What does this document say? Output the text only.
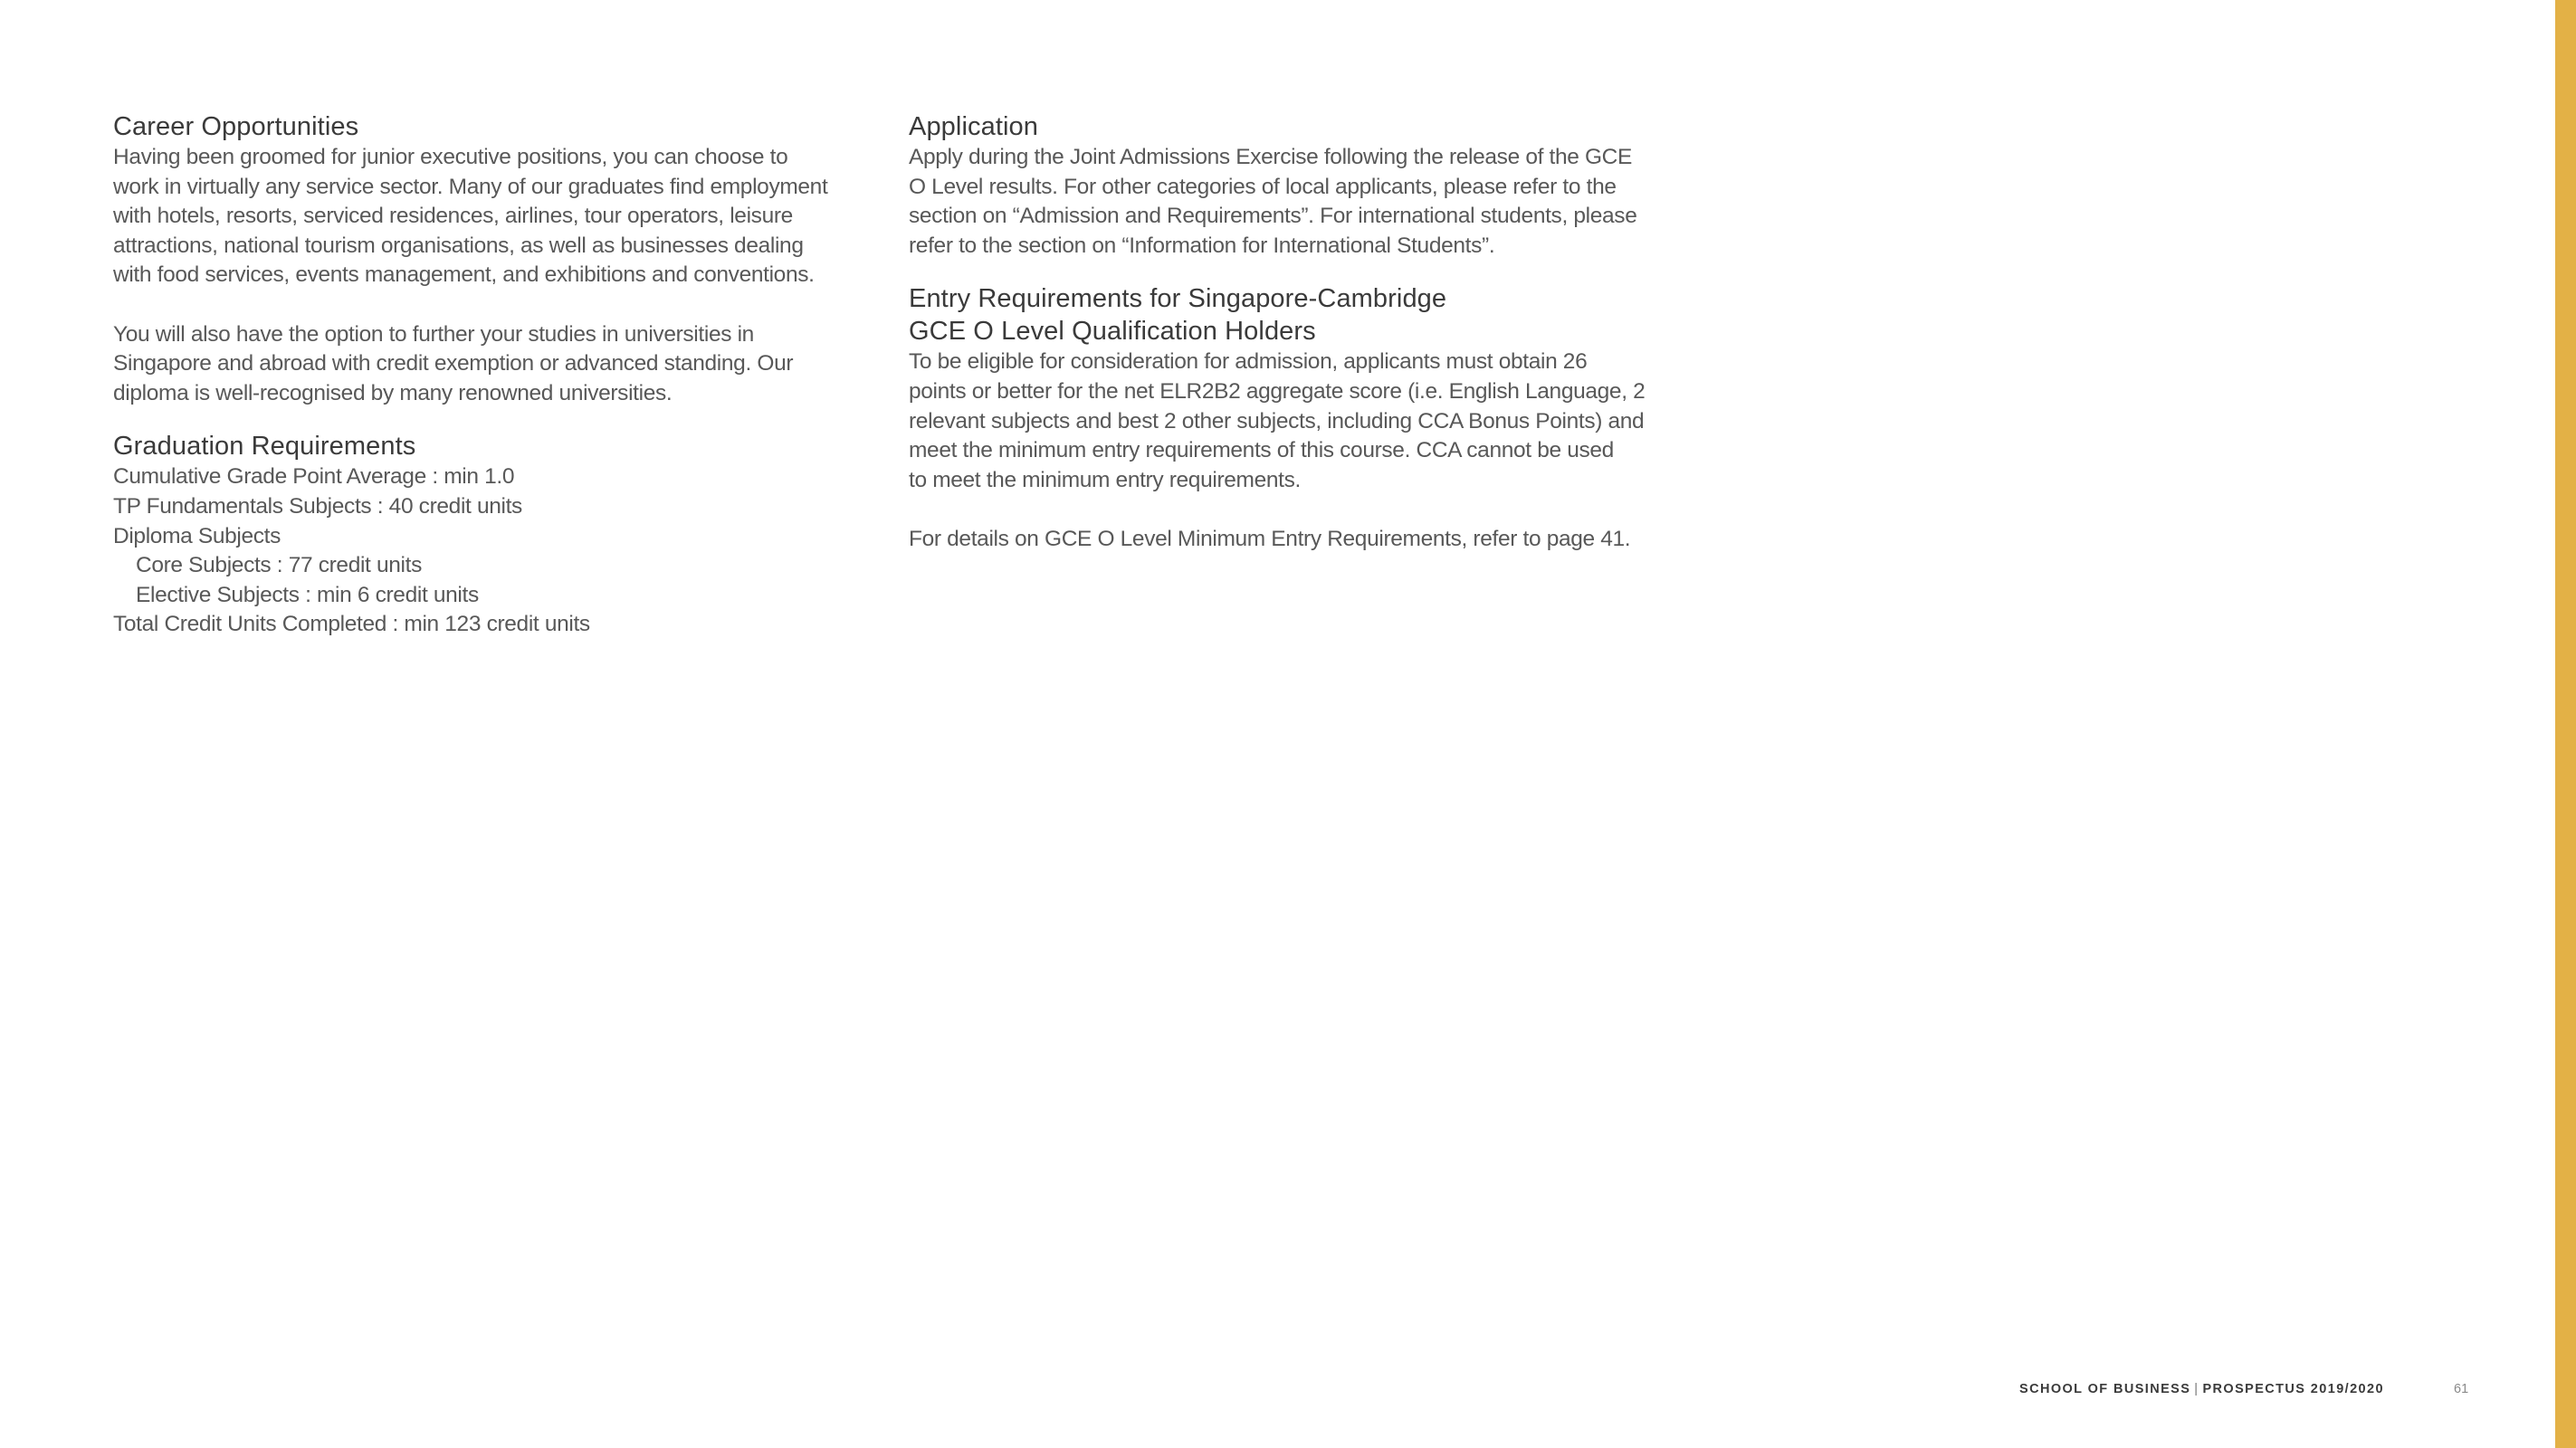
Career Opportunities
Having been groomed for junior executive positions, you can choose to
work in virtually any service sector. Many of our graduates find employment
with hotels, resorts, serviced residences, airlines, tour operators, leisure
attractions, national tourism organisations, as well as businesses dealing
with food services, events management, and exhibitions and conventions.
You will also have the option to further your studies in universities in
Singapore and abroad with credit exemption or advanced standing. Our
diploma is well-recognised by many renowned universities.
Graduation Requirements
Cumulative Grade Point Average : min 1.0
TP Fundamentals Subjects : 40 credit units
Diploma Subjects
Core Subjects : 77 credit units
Elective Subjects : min 6 credit units
Total Credit Units Completed : min 123 credit units
Application
Apply during the Joint Admissions Exercise following the release of the GCE
O Level results. For other categories of local applicants, please refer to the
section on “Admission and Requirements”. For international students, please
refer to the section on “Information for International Students”.
Entry Requirements for Singapore-Cambridge
GCE O Level Qualification Holders
To be eligible for consideration for admission, applicants must obtain 26
points or better for the net ELR2B2 aggregate score (i.e. English Language, 2
relevant subjects and best 2 other subjects, including CCA Bonus Points) and
meet the minimum entry requirements of this course. CCA cannot be used
to meet the minimum entry requirements.
For details on GCE O Level Minimum Entry Requirements, refer to page 41.
SCHOOL OF BUSINESS | PROSPECTUS 2019/2020	61
